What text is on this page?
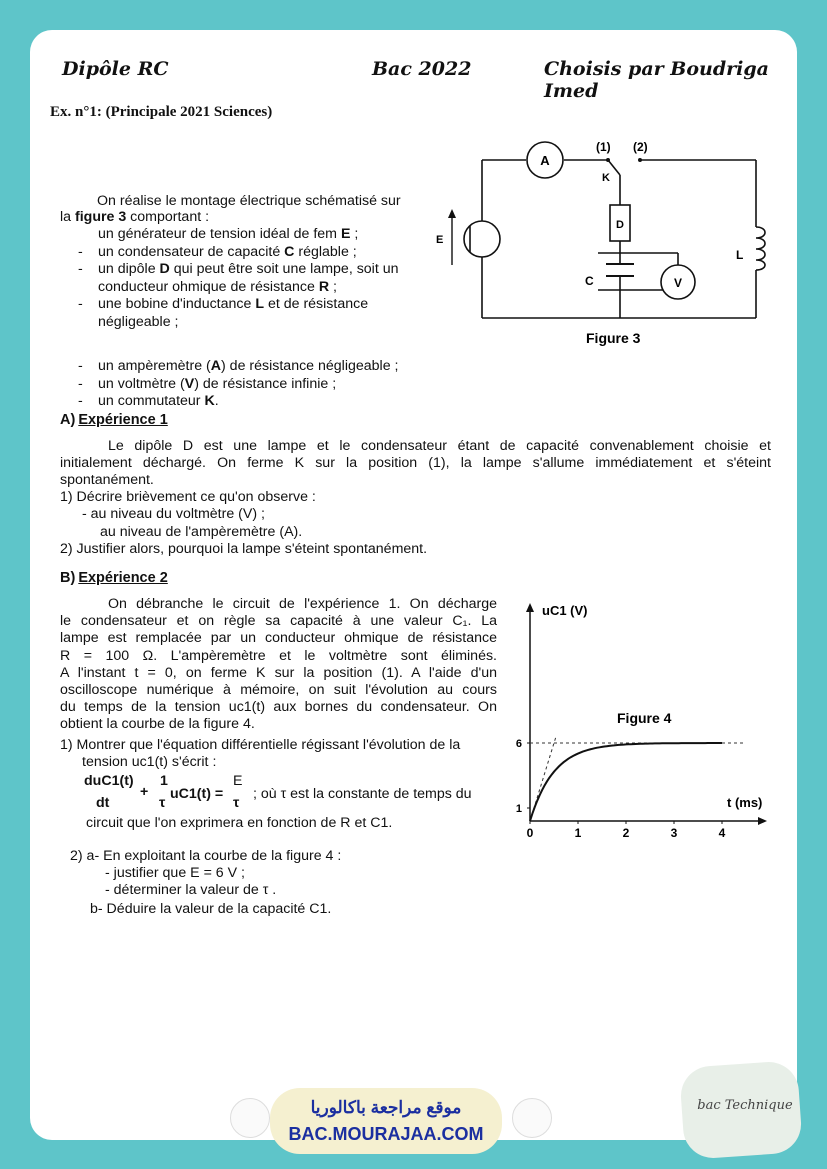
Dipôle RC	Bac 2022	Choisis par Boudriga Imed
Ex. n°1: (Principale 2021 Sciences)
On réalise le montage électrique schématisé sur
la figure 3 comportant :
un générateur de tension idéal de fem E ;
- un condensateur de capacité C réglable ;
- un dipôle D qui peut être soit une lampe, soit un
conducteur ohmique de résistance R ;
- une bobine d'inductance L et de résistance
négligeable ;
- un ampèremètre (A) de résistance négligeable ;
- un voltmètre (V) de résistance infinie ;
- un commutateur K.
A
(1) (2)
K
E
D
C	V
L
Figure 3
A) Expérience 1
Le dipôle D est une lampe et le condensateur étant de capacité convenablement choisie et
initialement déchargé. On ferme K sur la position (1), la lampe s'allume immédiatement et s'éteint
spontanément.
1) Décrire brièvement ce qu'on observe :
- au niveau du voltmètre (V) ;
au niveau de l'ampèremètre (A).
2) Justifier alors, pourquoi la lampe s'éteint spontanément.
B) Expérience 2
On débranche le circuit de l'expérience 1. On décharge
le condensateur et on règle sa capacité à une valeur C₁. La
lampe est remplacée par un conducteur ohmique de résistance
R = 100 Ω. L'ampèremètre et le voltmètre sont éliminés.
A l'instant t = 0, on ferme K sur la position (1). A l'aide d'un
oscilloscope numérique à mémoire, on suit l'évolution au cours
du temps de la tension uc1(t) aux bornes du condensateur. On
obtient la courbe de la figure 4.
1) Montrer que l'équation différentielle régissant l'évolution de la
tension uc1(t) s'écrit :
duC1(t)
dt
+
1
τ
uC1(t) =
E
τ
; où τ est la constante de temps du
circuit que l'on exprimera en fonction de R et C1.
2) a- En exploitant la courbe de la figure 4 :
- justifier que E = 6 V ;
- déterminer la valeur de τ .
b- Déduire la valeur de la capacité C1.
0	1	2	3	4
1
6
uC1 (V)
t (ms)
Figure 4
موقع مراجعة باكالوريا
BAC.MOURAJAA.COM
bac Technique
